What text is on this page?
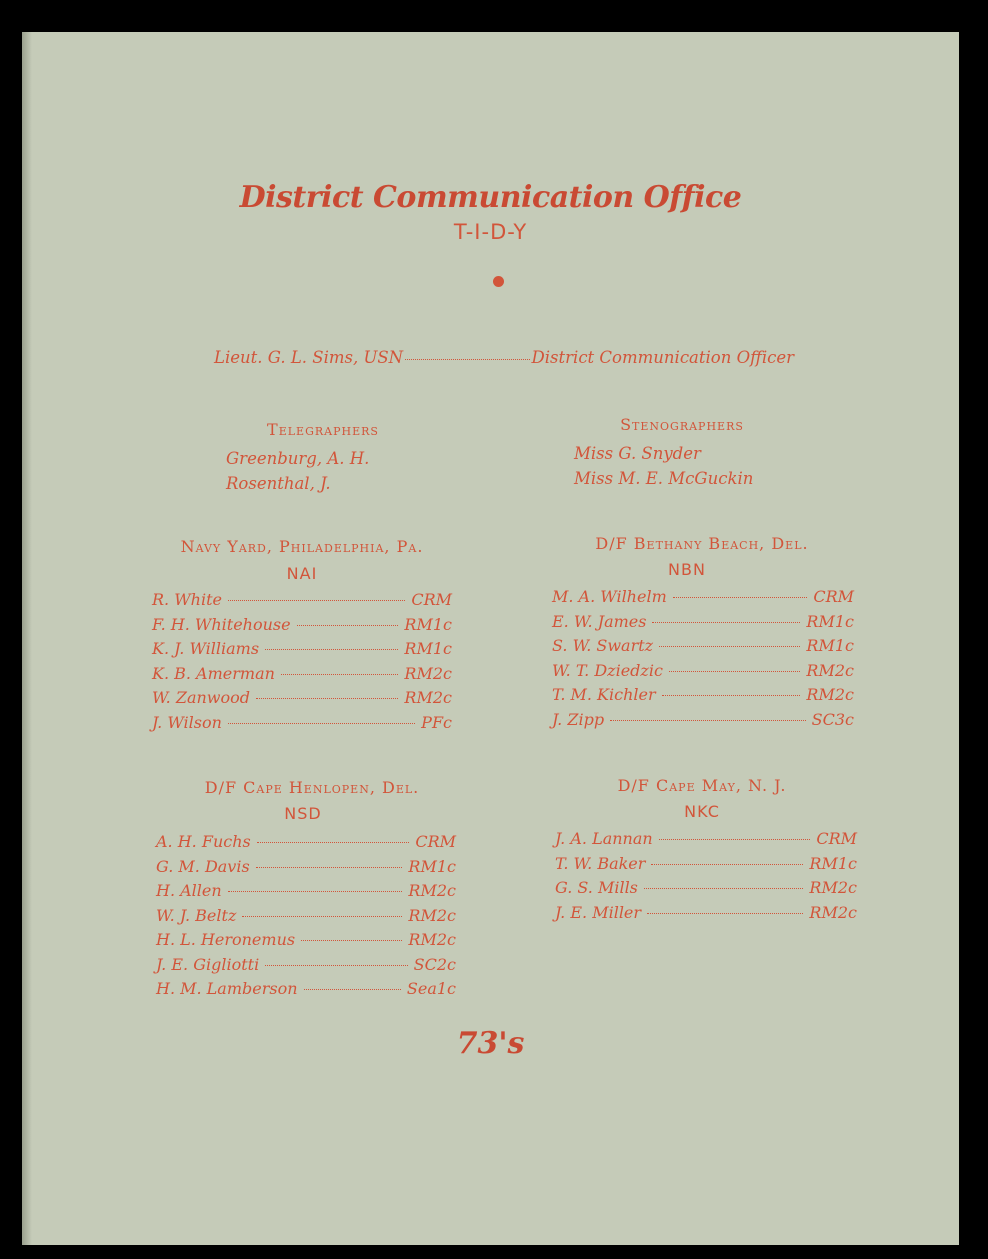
District Communication Office
T-I-D-Y
Lieut. G. L. Sims, USN	District Communication Officer
Telegraphers
Greenburg, A. H.
Rosenthal, J.
Stenographers
Miss G. Snyder
Miss M. E. McGuckin
Navy Yard, Philadelphia, Pa.
NAI
R. White	CRM
F. H. Whitehouse	RM1c
K. J. Williams	RM1c
K. B. Amerman	RM2c
W. Zanwood	RM2c
J. Wilson	PFc
D/F Bethany Beach, Del.
NBN
M. A. Wilhelm	CRM
E. W. James	RM1c
S. W. Swartz	RM1c
W. T. Dziedzic	RM2c
T. M. Kichler	RM2c
J. Zipp	SC3c
D/F Cape Henlopen, Del.
NSD
A. H. Fuchs	CRM
G. M. Davis	RM1c
H. Allen	RM2c
W. J. Beltz	RM2c
H. L. Heronemus	RM2c
J. E. Gigliotti	SC2c
H. M. Lamberson	Sea1c
D/F Cape May, N. J.
NKC
J. A. Lannan	CRM
T. W. Baker	RM1c
G. S. Mills	RM2c
J. E. Miller	RM2c
73's
